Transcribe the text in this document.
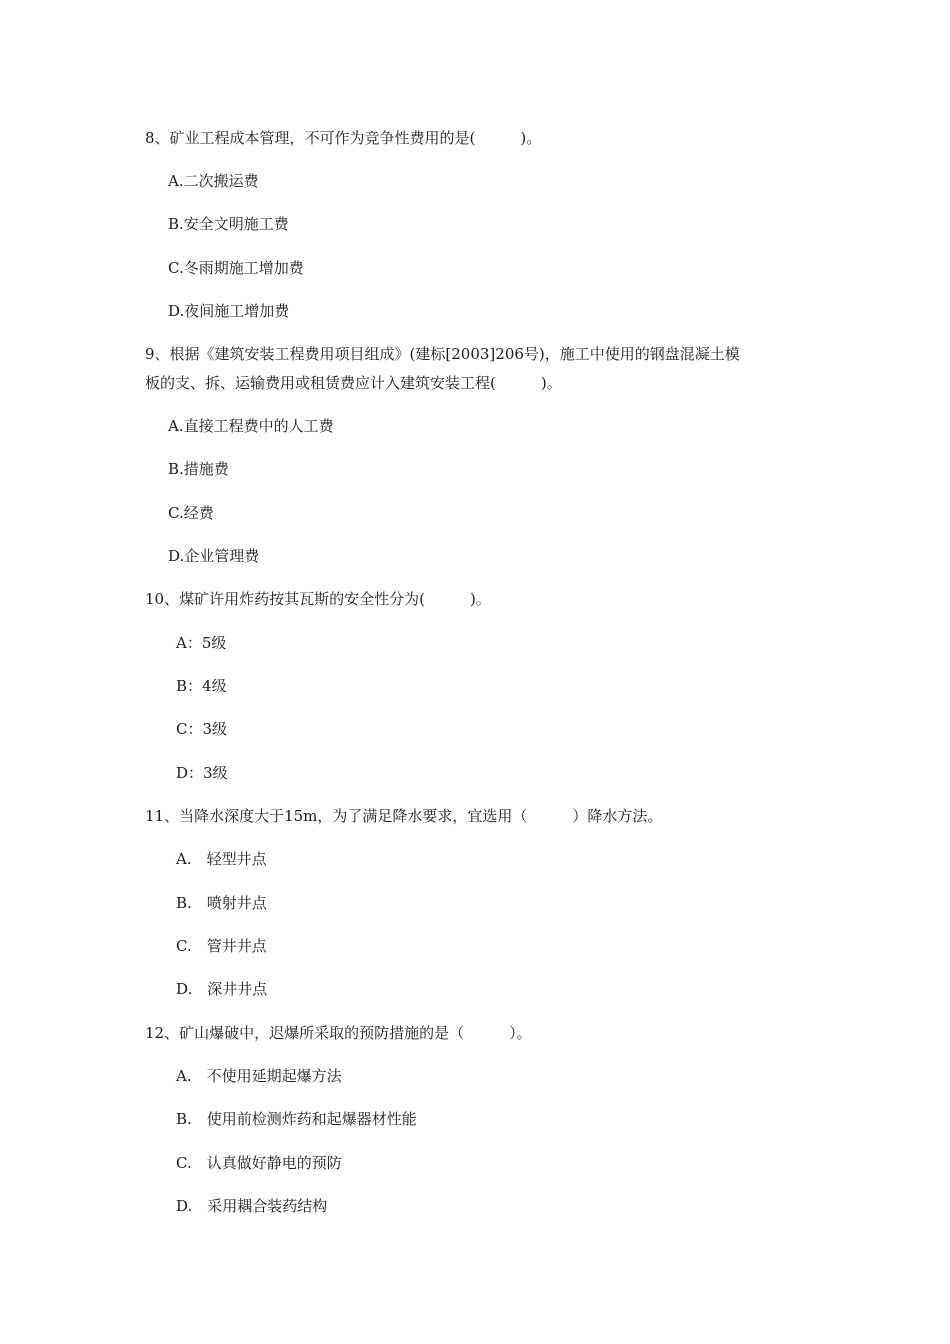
8、矿业工程成本管理，不可作为竞争性费用的是(　　　)。
A.二次搬运费
B.安全文明施工费
C.冬雨期施工增加费
D.夜间施工增加费
9、根据《建筑安装工程费用项目组成》(建标[2003]206号)，施工中使用的钢盘混凝土模
板的支、拆、运输费用或租赁费应计入建筑安装工程(　　　)。
A.直接工程费中的人工费
B.措施费
C.经费
D.企业管理费
10、煤矿许用炸药按其瓦斯的安全性分为(　　　)。
A：5级
B：4级
C：3级
D：3级
11、当降水深度大于15m，为了满足降水要求，宜选用（　　　）降水方法。
A.　轻型井点
B.　喷射井点
C.　管井井点
D.　深井井点
12、矿山爆破中，迟爆所采取的预防措施的是（　　　）。
A.　不使用延期起爆方法
B.　使用前检测炸药和起爆器材性能
C.　认真做好静电的预防
D.　采用耦合装药结构
